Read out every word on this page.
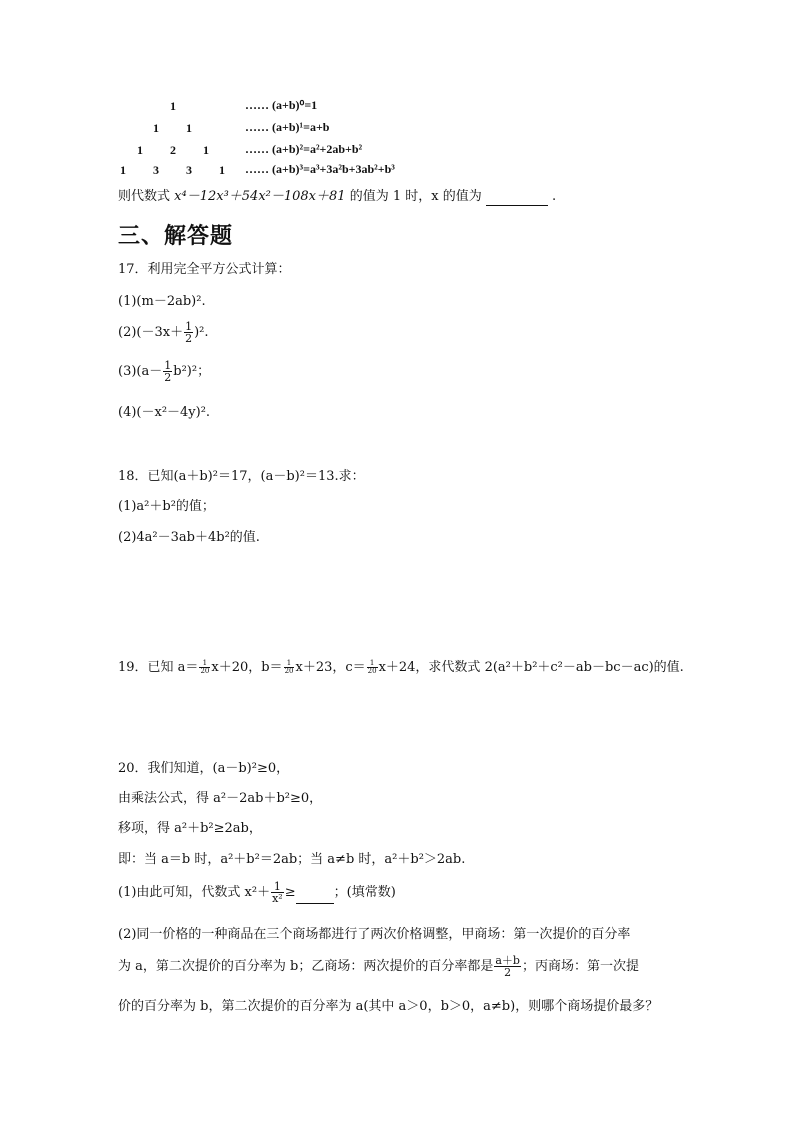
1	…… (a+b)⁰=1
1 1	…… (a+b)¹=a+b
1 2 1	…… (a+b)²=a²+2ab+b²
1 3 3 1 …… (a+b)³=a³+3a²b+3ab²+b³
则代数式 x⁴－12x³＋54x²－108x＋81 的值为 1 时，x 的值为	.
三、解答题
17．利用完全平方公式计算：
(1)(m－2ab)².
$(2)(-3x+ \frac{1}{2} )^2$.
$(3)(a- \frac{1}{2} b^2)^2$；
(4)(－x²－4y)².
18．已知(a＋b)²＝17，(a－b)²＝13.求：
(1)a²＋b²的值；
(2)4a²－3ab＋4b²的值.
19．已知 $a= \frac{1}{20} x+20$，$b= \frac{1}{20} x+23$，$c= \frac{1}{20} x+24$，求代数式 2(a²＋b²＋c²－ab－bc－ac)的值.
20．我们知道，(a－b)²≥0，
由乘法公式，得 a²－2ab＋b²≥0，
移项，得 a²＋b²≥2ab，
即：当 a＝b 时，a²＋b²＝2ab；当 a≠b 时，a²＋b²＞2ab.
(1)由此可知，代数式 $x^2+ \frac{1}{\text{x²}}$ ≥	；(填常数)
(2)同一价格的一种商品在三个商场都进行了两次价格调整，甲商场：第一次提价的百分率
为 a，第二次提价的百分率为 b；乙商场：两次提价的百分率都是 $\frac{a+b}{2}$ ；丙商场：第一次提
价的百分率为 b，第二次提价的百分率为 a(其中 a＞0，b＞0，a≠b)，则哪个商场提价最多？
